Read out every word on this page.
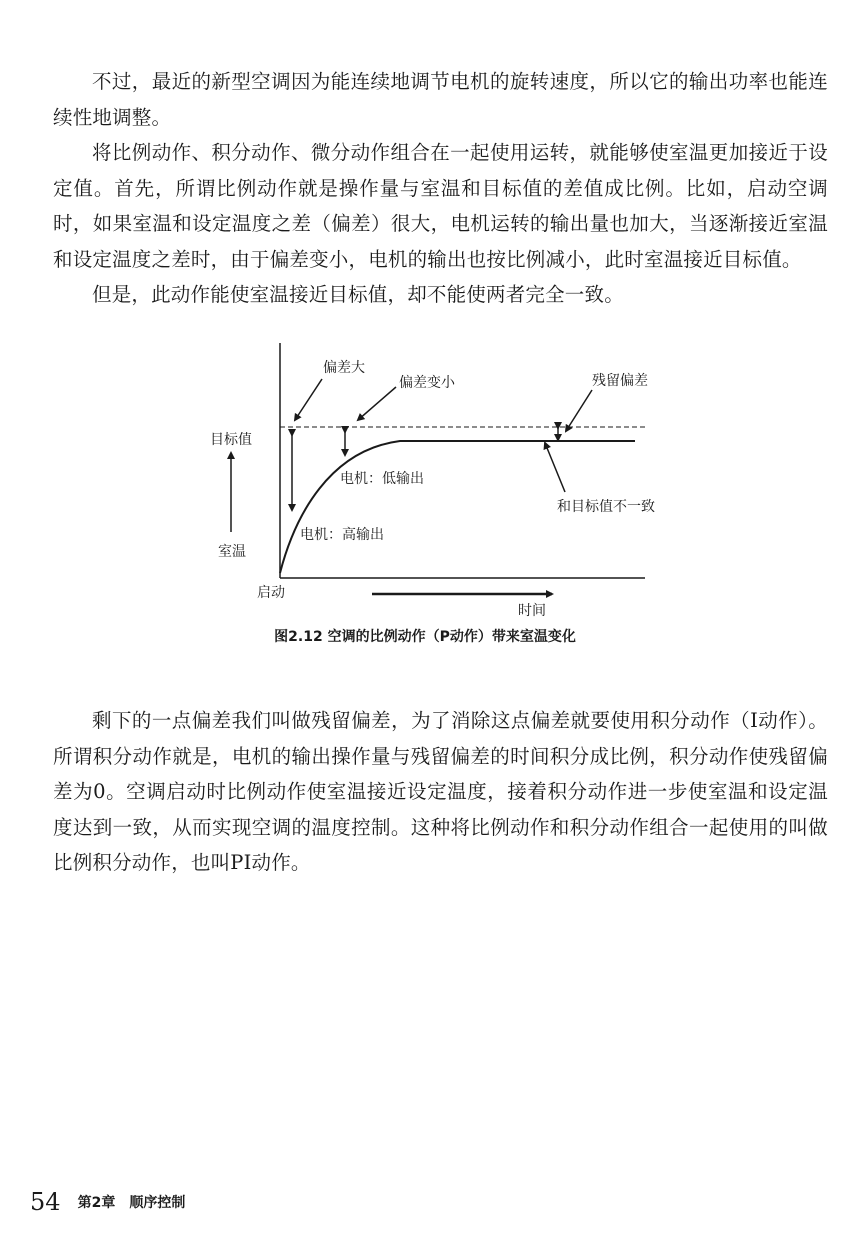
不过，最近的新型空调因为能连续地调节电机的旋转速度，所以它的输出功率也能连续性地调整。

将比例动作、积分动作、微分动作组合在一起使用运转，就能够使室温更加接近于设定值。首先，所谓比例动作就是操作量与室温和目标值的差值成比例。比如，启动空调时，如果室温和设定温度之差（偏差）很大，电机运转的输出量也加大，当逐渐接近室温和设定温度之差时，由于偏差变小，电机的输出也按比例减小，此时室温接近目标值。

但是，此动作能使室温接近目标值，却不能使两者完全一致。

偏差大
偏差变小	残留偏差
目标值
电机：低输出
电机：高输出
和目标值不一致
室温
启动
时间
图2.12 空调的比例动作（P动作）带来室温变化

剩下的一点偏差我们叫做残留偏差，为了消除这点偏差就要使用积分动作（I动作）。所谓积分动作就是，电机的输出操作量与残留偏差的时间积分成比例，积分动作使残留偏差为0。空调启动时比例动作使室温接近设定温度，接着积分动作进一步使室温和设定温度达到一致，从而实现空调的温度控制。这种将比例动作和积分动作组合一起使用的叫做比例积分动作，也叫PI动作。

54 第2章　顺序控制
